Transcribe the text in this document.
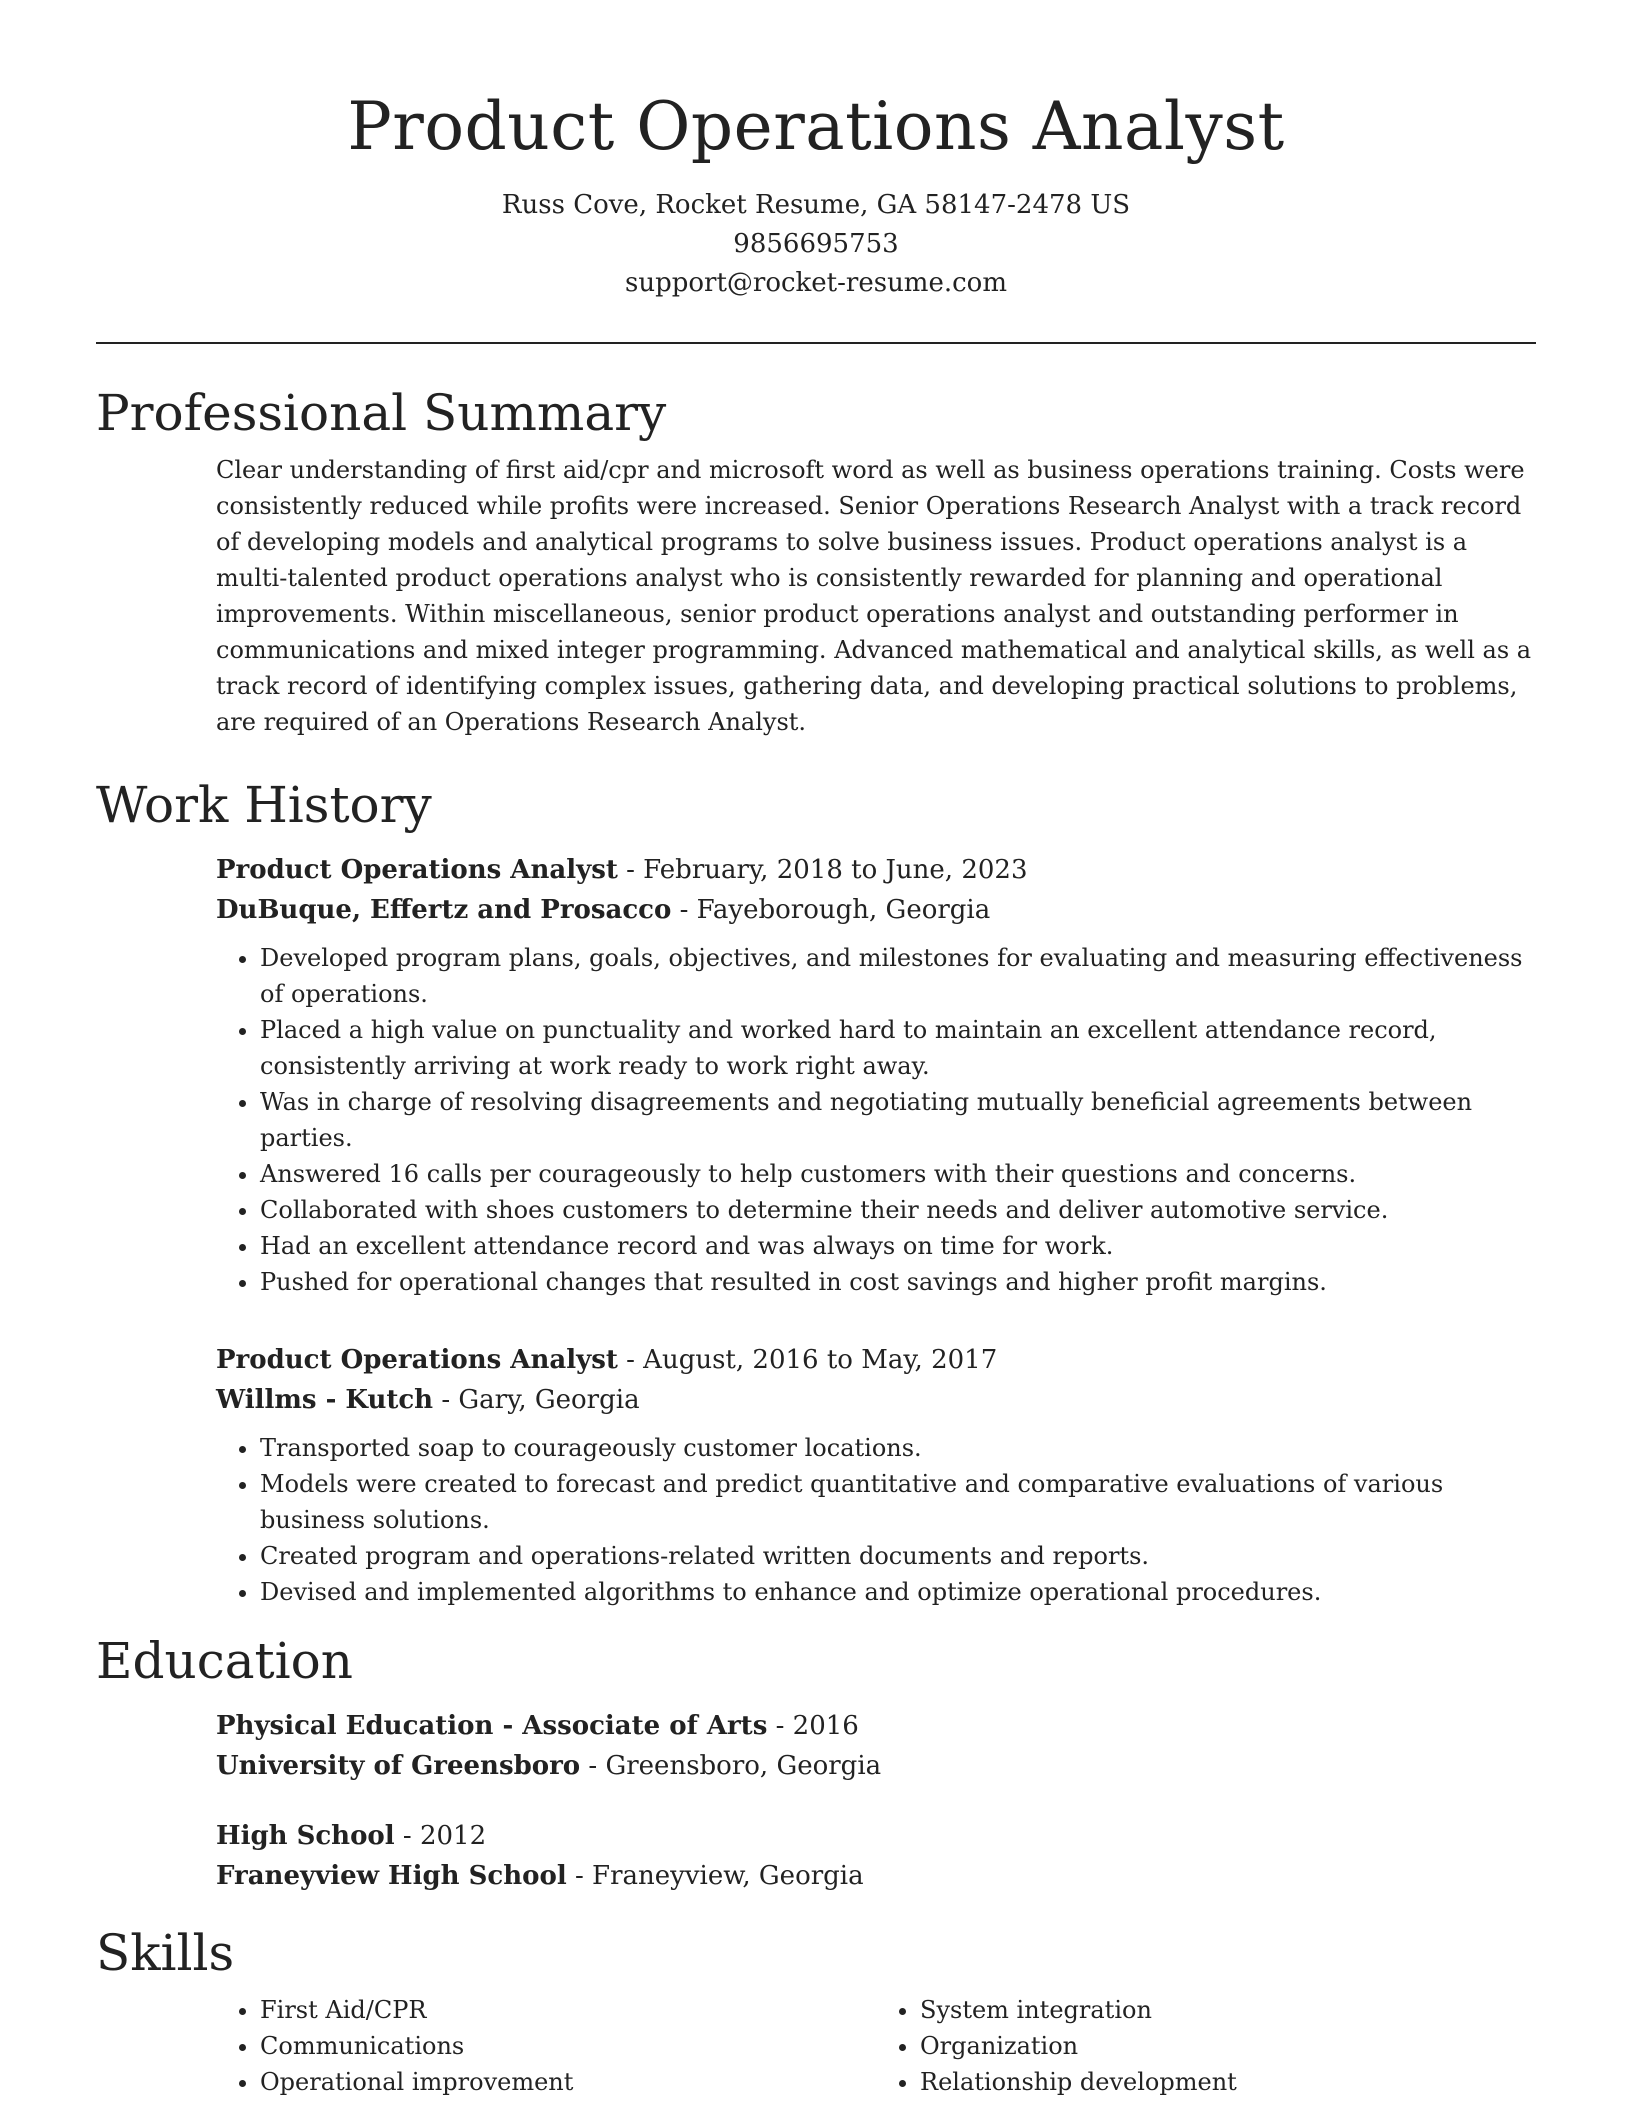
Product Operations Analyst
Russ Cove, Rocket Resume, GA 58147-2478 US
9856695753
support@rocket-resume.com
Professional Summary

Clear understanding of first aid/cpr and microsoft word as well as business operations training. Costs were consistently reduced while profits were increased. Senior Operations Research Analyst with a track record of developing models and analytical programs to solve business issues. Product operations analyst is a multi-talented product operations analyst who is consistently rewarded for planning and operational improvements. Within miscellaneous, senior product operations analyst and outstanding performer in communications and mixed integer programming. Advanced mathematical and analytical skills, as well as a track record of identifying complex issues, gathering data, and developing practical solutions to problems, are required of an Operations Research Analyst.

Work History
Product Operations Analyst - February, 2018 to June, 2023
DuBuque, Effertz and Prosacco - Fayeborough, Georgia
• Developed program plans, goals, objectives, and milestones for evaluating and measuring effectiveness of operations.
• Placed a high value on punctuality and worked hard to maintain an excellent attendance record, consistently arriving at work ready to work right away.
• Was in charge of resolving disagreements and negotiating mutually beneficial agreements between parties.
• Answered 16 calls per courageously to help customers with their questions and concerns.
• Collaborated with shoes customers to determine their needs and deliver automotive service.
• Had an excellent attendance record and was always on time for work.
• Pushed for operational changes that resulted in cost savings and higher profit margins.
Product Operations Analyst - August, 2016 to May, 2017
Willms - Kutch - Gary, Georgia
• Transported soap to courageously customer locations.
• Models were created to forecast and predict quantitative and comparative evaluations of various business solutions.
• Created program and operations-related written documents and reports.
• Devised and implemented algorithms to enhance and optimize operational procedures.
Education
Physical Education - Associate of Arts - 2016
University of Greensboro - Greensboro, Georgia
High School - 2012
Franeyview High School - Franeyview, Georgia
Skills
• First Aid/CPR
• Communications
• Operational improvement
• System integration
• Organization
• Relationship development
